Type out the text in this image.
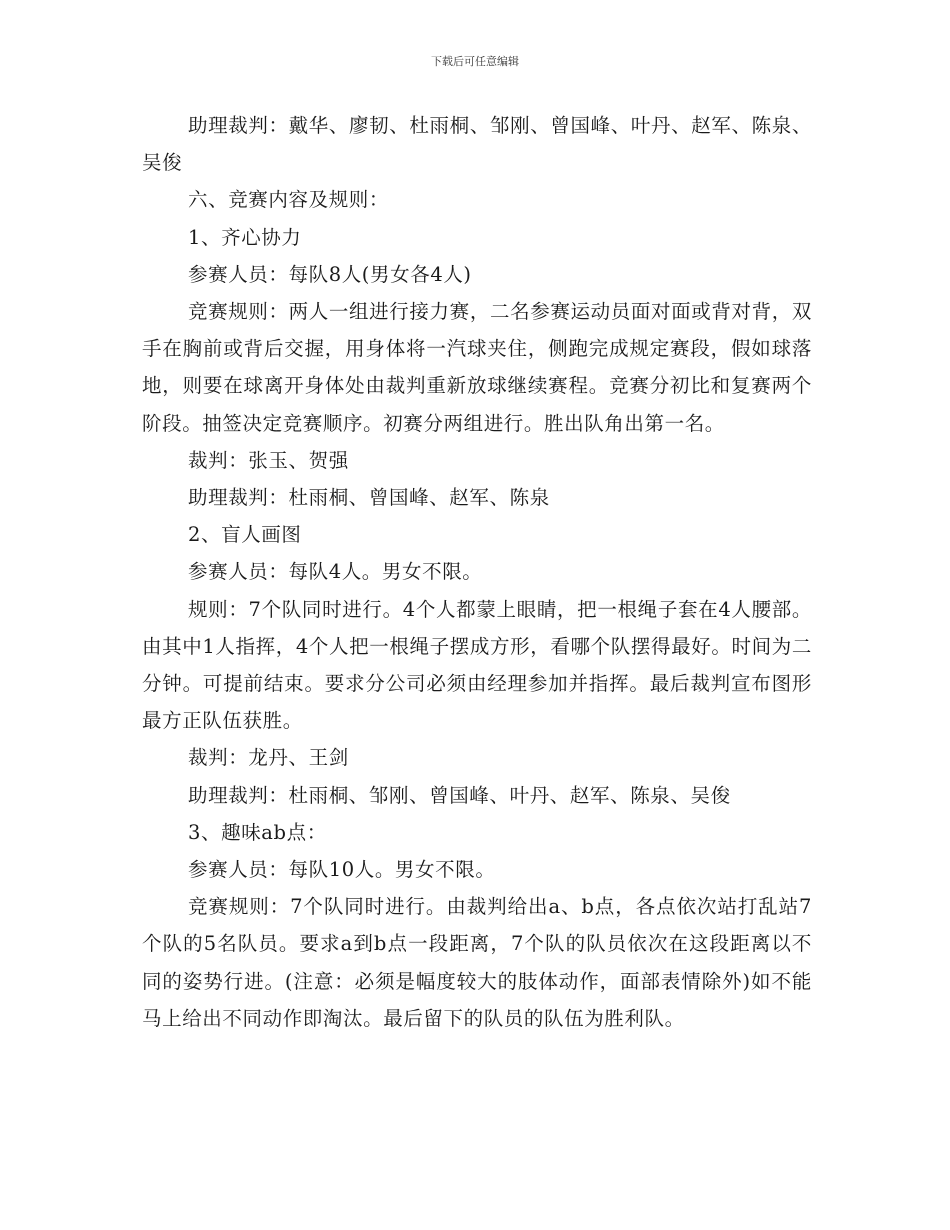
下载后可任意编辑

助理裁判：戴华、廖韧、杜雨桐、邹刚、曾国峰、叶丹、赵军、陈泉、吴俊

六、竞赛内容及规则：

1、齐心协力

参赛人员：每队8人(男女各4人)

竞赛规则：两人一组进行接力赛，二名参赛运动员面对面或背对背，双手在胸前或背后交握，用身体将一汽球夹住，侧跑完成规定赛段，假如球落地，则要在球离开身体处由裁判重新放球继续赛程。竞赛分初比和复赛两个阶段。抽签决定竞赛顺序。初赛分两组进行。胜出队角出第一名。

裁判：张玉、贺强

助理裁判：杜雨桐、曾国峰、赵军、陈泉

2、盲人画图

参赛人员：每队4人。男女不限。

规则：7个队同时进行。4个人都蒙上眼睛，把一根绳子套在4人腰部。由其中1人指挥，4个人把一根绳子摆成方形，看哪个队摆得最好。时间为二分钟。可提前结束。要求分公司必须由经理参加并指挥。最后裁判宣布图形最方正队伍获胜。

裁判：龙丹、王剑

助理裁判：杜雨桐、邹刚、曾国峰、叶丹、赵军、陈泉、吴俊

3、趣味ab点：

参赛人员：每队10人。男女不限。

竞赛规则：7个队同时进行。由裁判给出a、b点，各点依次站打乱站7个队的5名队员。要求a到b点一段距离，7个队的队员依次在这段距离以不同的姿势行进。(注意：必须是幅度较大的肢体动作，面部表情除外)如不能马上给出不同动作即淘汰。最后留下的队员的队伍为胜利队。
